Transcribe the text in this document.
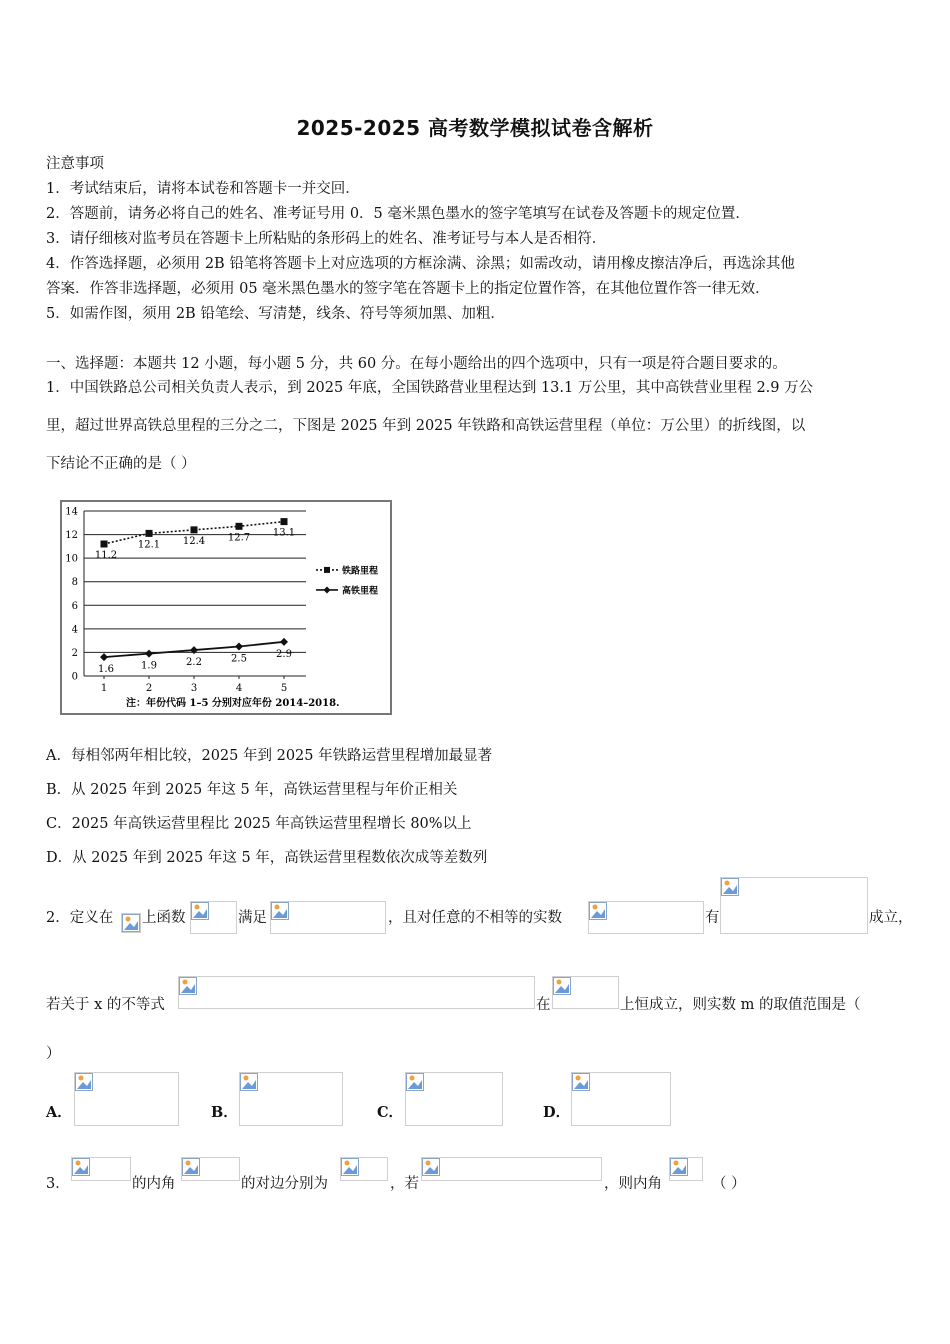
2025-2025 高考数学模拟试卷含解析
注意事项
1．考试结束后，请将本试卷和答题卡一并交回．
2．答题前，请务必将自己的姓名、准考证号用 0．5 毫米黑色墨水的签字笔填写在试卷及答题卡的规定位置．
3．请仔细核对监考员在答题卡上所粘贴的条形码上的姓名、准考证号与本人是否相符．
4．作答选择题，必须用 2B 铅笔将答题卡上对应选项的方框涂满、涂黑；如需改动，请用橡皮擦洁净后，再选涂其他
答案．作答非选择题，必须用 05 毫米黑色墨水的签字笔在答题卡上的指定位置作答，在其他位置作答一律无效．
5．如需作图，须用 2B 铅笔绘、写清楚，线条、符号等须加黑、加粗．
一、选择题：本题共 12 小题，每小题 5 分，共 60 分。在每小题给出的四个选项中，只有一项是符合题目要求的。
1．中国铁路总公司相关负责人表示，到 2025 年底，全国铁路营业里程达到 13.1 万公里，其中高铁营业里程 2.9 万公
里，超过世界高铁总里程的三分之二，下图是 2025 年到 2025 年铁路和高铁运营里程（单位：万公里）的折线图，以
下结论不正确的是（ ）
0
2
4
6
8
10
12
14
1	2	3	4	5
11.2
12.1 12.4 12.7 13.1
1.6	1.9	2.2	2.5	2.9
铁路里程
高铁里程
注：年份代码 1–5 分别对应年份 2014–2018.
A．每相邻两年相比较，2025 年到 2025 年铁路运营里程增加最显著
B．从 2025 年到 2025 年这 5 年，高铁运营里程与年价正相关
C．2025 年高铁运营里程比 2025 年高铁运营里程增长 80%以上
D．从 2025 年到 2025 年这 5 年，高铁运营里程数依次成等差数列
2．定义在 上函数	满足	，且对任意的不相等的实数	有	成立，
若关于 x 的不等式	在	上恒成立，则实数 m 的取值范围是（
）
A．	B．	C．	D．
3．	的内角	的对边分别为	，若	，则内角	（ ）
